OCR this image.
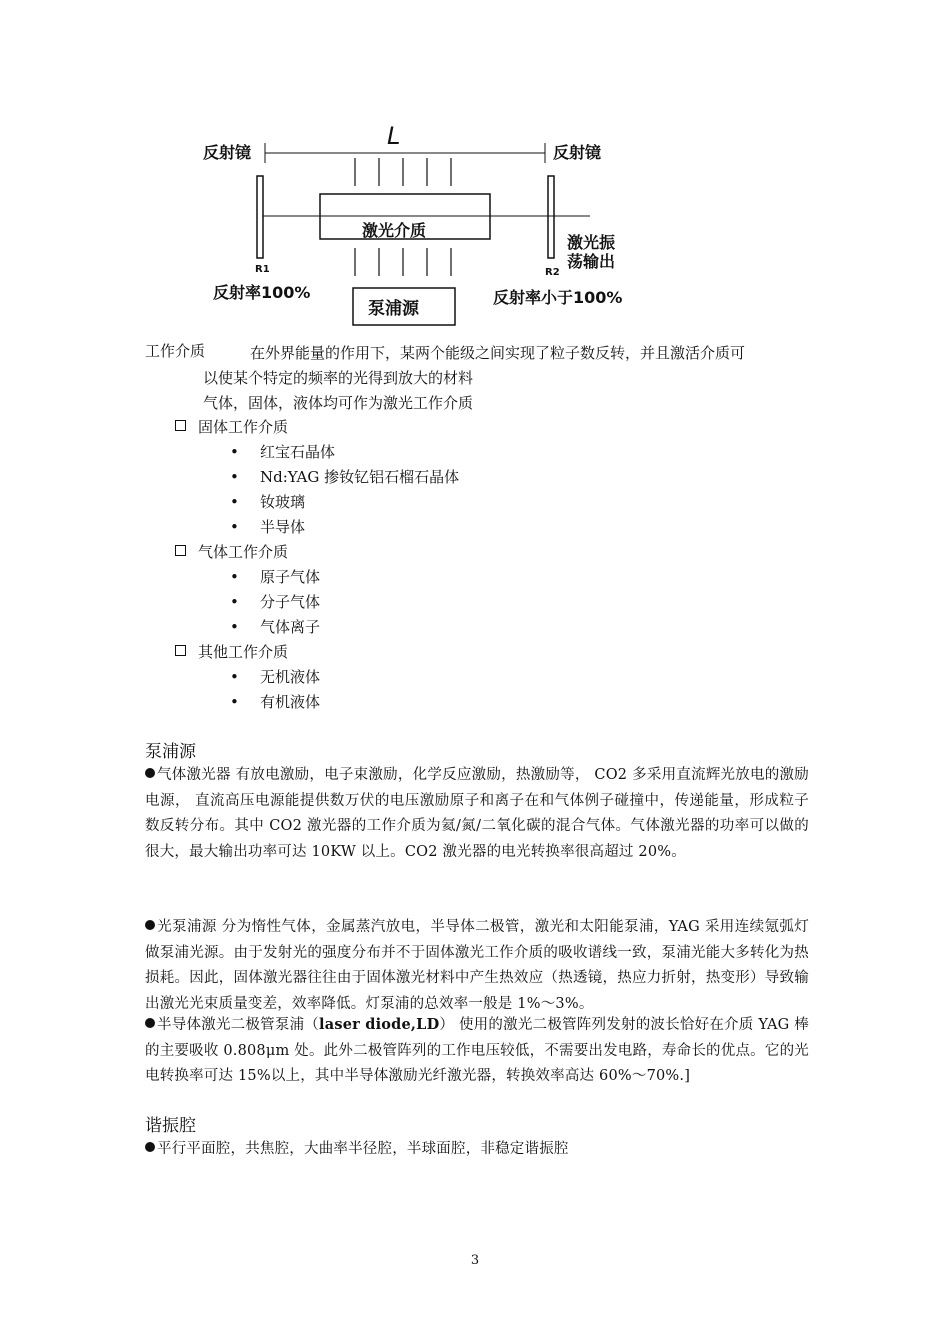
L
反射镜	反射镜
激光介质
R1	R2
激光振
荡输出
反射率100%	反射率小于100%
泵浦源
工作介质	在外界能量的作用下，某两个能级之间实现了粒子数反转，并且激活介质可
以使某个特定的频率的光得到放大的材料
气体，固体，液体均可作为激光工作介质
固体工作介质
• 红宝石晶体
• Nd:YAG 掺钕钇铝石榴石晶体
• 钕玻璃
• 半导体
气体工作介质
• 原子气体
• 分子气体
• 气体离子
其他工作介质
• 无机液体
• 有机液体
泵浦源
气体激光器 有放电激励，电子束激励，化学反应激励，热激励等， CO2 多采用直流辉光放电的激励电源， 直流高压电源能提供数万伏的电压激励原子和离子在和气体例子碰撞中，传递能量，形成粒子数反转分布。其中 CO2 激光器的工作介质为氦/氮/二氧化碳的混合气体。气体激光器的功率可以做的很大，最大输出功率可达 10KW 以上。CO2 激光器的电光转换率很高超过 20%。
光泵浦源 分为惰性气体，金属蒸汽放电，半导体二极管，激光和太阳能泵浦，YAG 采用连续氪弧灯做泵浦光源。由于发射光的强度分布并不于固体激光工作介质的吸收谱线一致，泵浦光能大多转化为热损耗。因此，固体激光器往往由于固体激光材料中产生热效应（热透镜，热应力折射，热变形）导致输出激光光束质量变差，效率降低。灯泵浦的总效率一般是 1%～3%。
半导体激光二极管泵浦（laser diode,LD） 使用的激光二极管阵列发射的波长恰好在介质 YAG 棒的主要吸收 0.808μm 处。此外二极管阵列的工作电压较低，不需要出发电路，寿命长的优点。它的光电转换率可达 15%以上，其中半导体激励光纤激光器，转换效率高达 60%～70%.]
谐振腔
平行平面腔，共焦腔，大曲率半径腔，半球面腔，非稳定谐振腔
3
